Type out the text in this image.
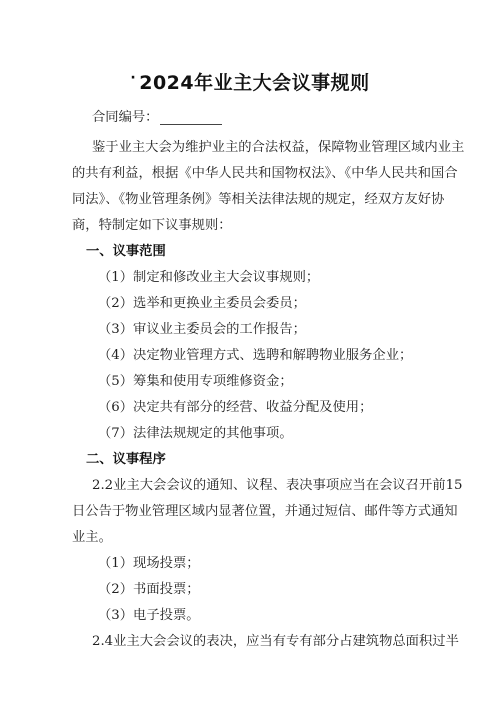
· 2024年业主大会议事规则
合同编号：
鉴于业主大会为维护业主的合法权益，保障物业管理区域内业主
的共有利益，根据《中华人民共和国物权法》、《中华人民共和国合
同法》、《物业管理条例》等相关法律法规的规定，经双方友好协
商，特制定如下议事规则：
一、议事范围
（1）制定和修改业主大会议事规则；
（2）选举和更换业主委员会委员；
（3）审议业主委员会的工作报告；
（4）决定物业管理方式、选聘和解聘物业服务企业；
（5）筹集和使用专项维修资金；
（6）决定共有部分的经营、收益分配及使用；
（7）法律法规规定的其他事项。
二、议事程序
2.2业主大会会议的通知、议程、表决事项应当在会议召开前15
日公告于物业管理区域内显著位置，并通过短信、邮件等方式通知
业主。
（1）现场投票；
（2）书面投票；
（3）电子投票。
2.4业主大会会议的表决，应当有专有部分占建筑物总面积过半
